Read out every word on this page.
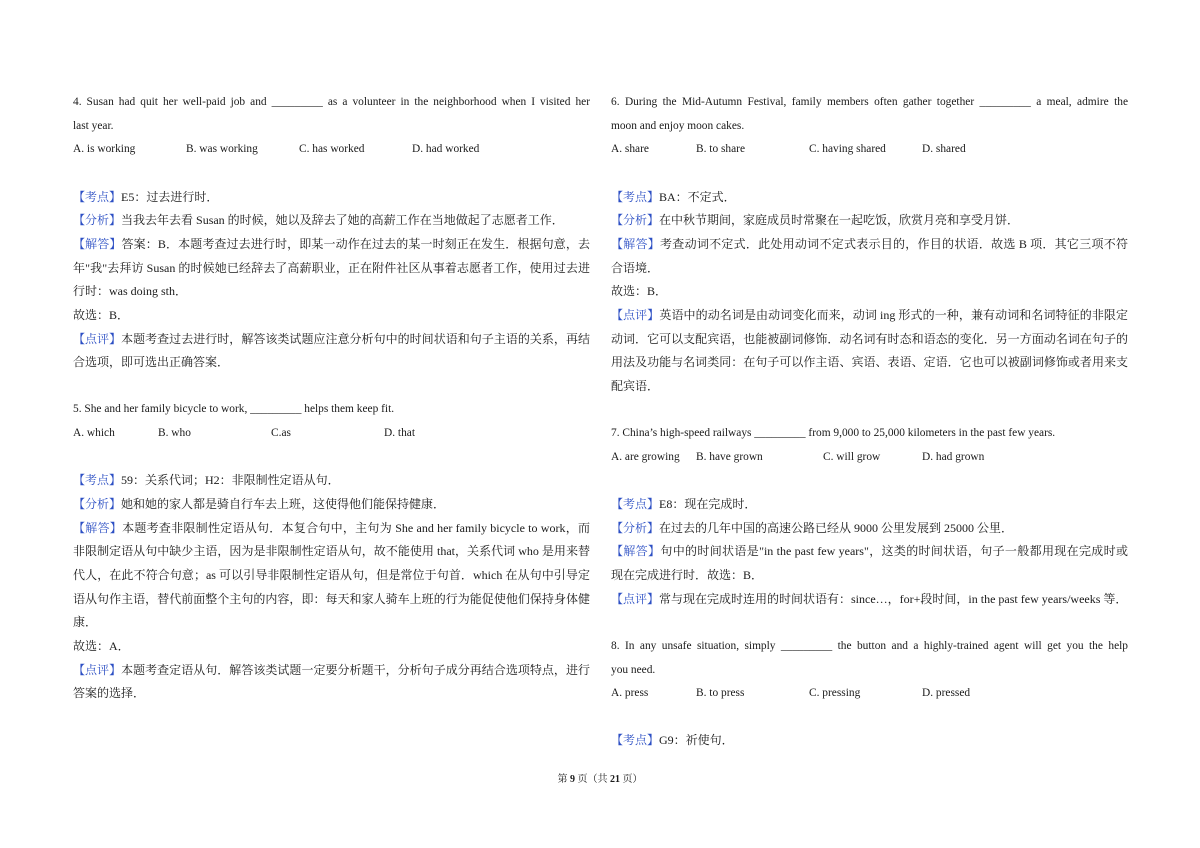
4. Susan had quit her well-paid job and _________ as a volunteer in the neighborhood when I visited her
last year.
A. is working	B. was working	C. has worked	D. had worked
【考点】E5：过去进行时．
【分析】当我去年去看 Susan 的时候，她以及辞去了她的高薪工作在当地做起了志愿者工作．
【解答】答案：B．本题考查过去进行时，即某一动作在过去的某一时刻正在发生．根据句意，去
年"我"去拜访 Susan 的时候她已经辞去了高薪职业，正在附件社区从事着志愿者工作，使用过去进
行时：was doing sth．
故选：B．
【点评】本题考查过去进行时，解答该类试题应注意分析句中的时间状语和句子主语的关系，再结
合选项，即可选出正确答案．
5. She and her family bicycle to work, _________ helps them keep fit.
A. which	B. who	C.as	D. that
【考点】59：关系代词；H2：非限制性定语从句．
【分析】她和她的家人都是骑自行车去上班，这使得他们能保持健康．
【解答】本题考查非限制性定语从句．本复合句中，主句为 She and her family bicycle to work，而
非限制定语从句中缺少主语，因为是非限制性定语从句，故不能使用 that，关系代词 who 是用来替
代人，在此不符合句意；as 可以引导非限制性定语从句，但是常位于句首．which 在从句中引导定
语从句作主语，替代前面整个主句的内容，即：每天和家人骑车上班的行为能促使他们保持身体健
康．
故选：A．
【点评】本题考查定语从句．解答该类试题一定要分析题干，分析句子成分再结合选项特点，进行
答案的选择．
6. During the Mid-Autumn Festival, family members often gather together _________ a meal, admire the
moon and enjoy moon cakes.
A. share	B. to share	C. having shared	D. shared
【考点】BA：不定式．
【分析】在中秋节期间，家庭成员时常聚在一起吃饭，欣赏月亮和享受月饼．
【解答】考查动词不定式．此处用动词不定式表示目的，作目的状语．故选 B 项．其它三项不符
合语境．
故选：B．
【点评】英语中的动名词是由动词变化而来，动词 ing 形式的一种，兼有动词和名词特征的非限定
动词．它可以支配宾语，也能被副词修饰．动名词有时态和语态的变化．另一方面动名词在句子的
用法及功能与名词类同：在句子可以作主语、宾语、表语、定语．它也可以被副词修饰或者用来支
配宾语．
7. China’s high-speed railways _________ from 9,000 to 25,000 kilometers in the past few years.
A. are growing B. have grown	C. will grow	D. had grown
【考点】E8：现在完成时．
【分析】在过去的几年中国的高速公路已经从 9000 公里发展到 25000 公里．
【解答】句中的时间状语是"in the past few years"，这类的时间状语，句子一般都用现在完成时或
现在完成进行时．故选：B．
【点评】常与现在完成时连用的时间状语有：since…，for+段时间，in the past few years/weeks 等．
8. In any unsafe situation, simply _________ the button and a highly-trained agent will get you the help
you need.
A. press	B. to press	C. pressing	D. pressed
【考点】G9：祈使句．
第 9 页（共 21 页）
